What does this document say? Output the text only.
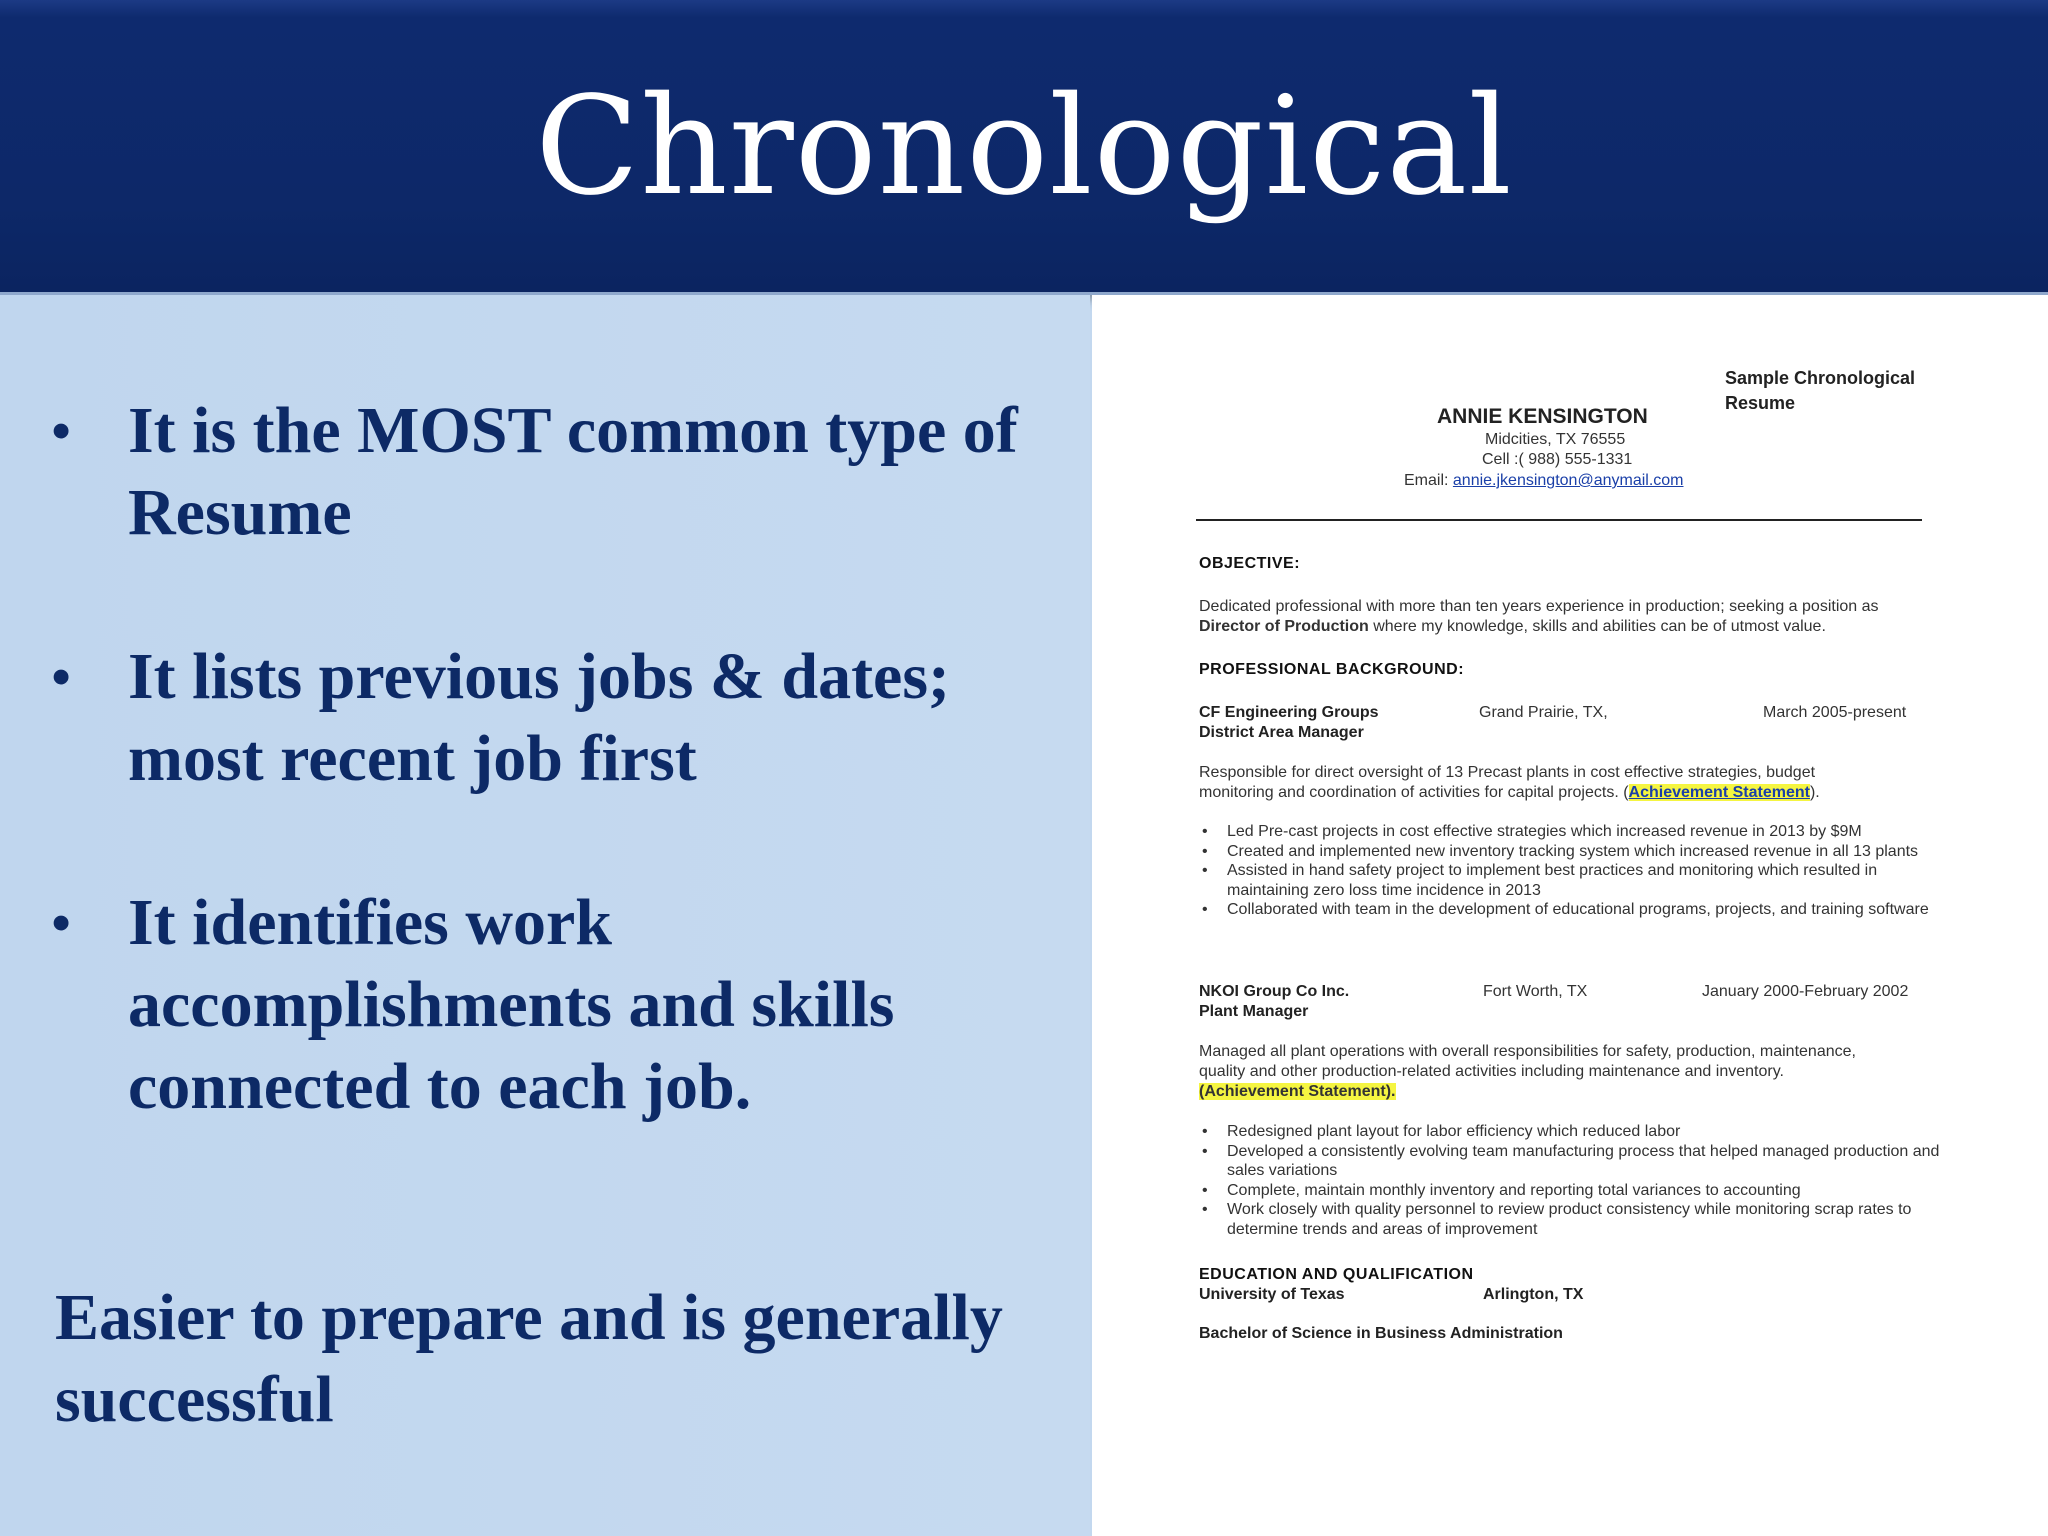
Chronological
• It is the MOST common type of
Resume
• It lists previous jobs & dates;
most recent job first
• It identifies work
accomplishments and skills
connected to each job.
Easier to prepare and is generally
successful
Sample Chronological
Resume
ANNIE KENSINGTON
Midcities, TX 76555
Cell :( 988) 555-1331
Email: annie.jkensington@anymail.com
OBJECTIVE:
Dedicated professional with more than ten years experience in production; seeking a position as
Director of Production where my knowledge, skills and abilities can be of utmost value.
PROFESSIONAL BACKGROUND:
CF Engineering Groups	Grand Prairie, TX,	March 2005-present
District Area Manager
Responsible for direct oversight of 13 Precast plants in cost effective strategies, budget
monitoring and coordination of activities for capital projects. (Achievement Statement).
• Led Pre-cast projects in cost effective strategies which increased revenue in 2013 by $9M
• Created and implemented new inventory tracking system which increased revenue in all 13 plants
• Assisted in hand safety project to implement best practices and monitoring which resulted in maintaining zero loss time incidence in 2013
• Collaborated with team in the development of educational programs, projects, and training software
NKOI Group Co Inc.	Fort Worth, TX	January 2000-February 2002
Plant Manager
Managed all plant operations with overall responsibilities for safety, production, maintenance,
quality and other production-related activities including maintenance and inventory.
(Achievement Statement).
• Redesigned plant layout for labor efficiency which reduced labor
• Developed a consistently evolving team manufacturing process that helped managed production and sales variations
• Complete, maintain monthly inventory and reporting total variances to accounting
• Work closely with quality personnel to review product consistency while monitoring scrap rates to determine trends and areas of improvement
EDUCATION AND QUALIFICATION
University of Texas	Arlington, TX
Bachelor of Science in Business Administration
